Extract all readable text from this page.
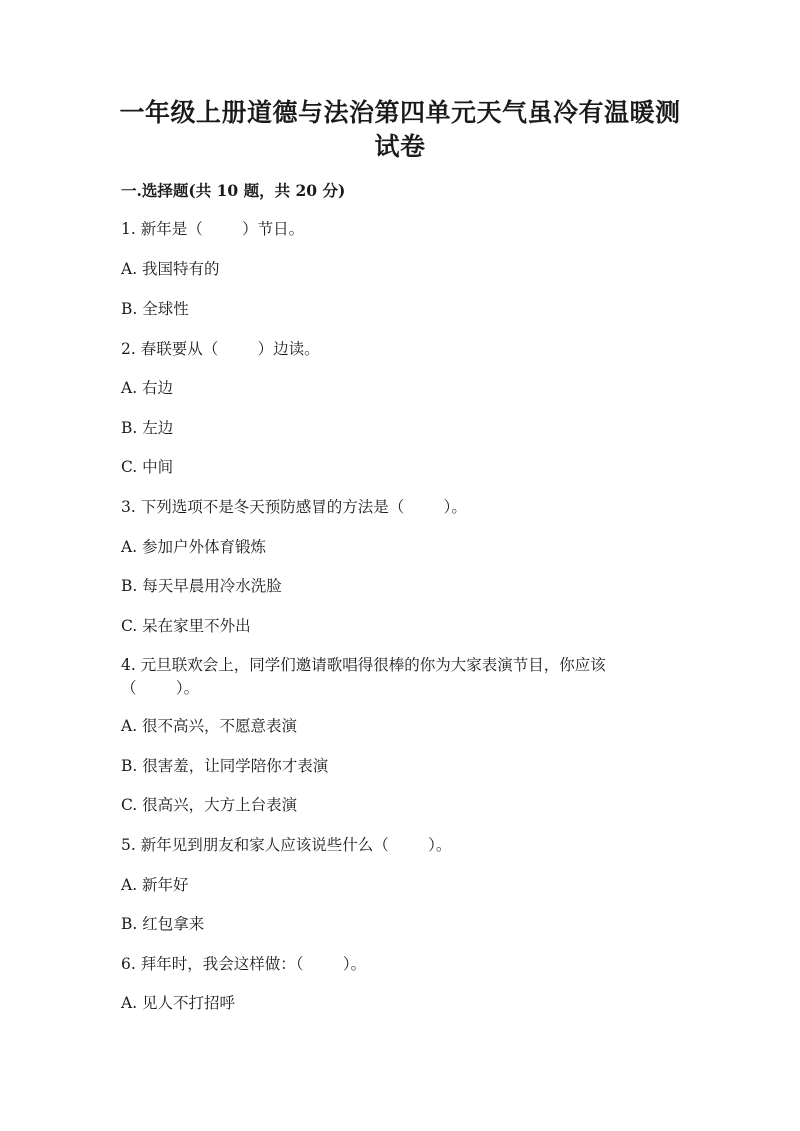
一年级上册道德与法治第四单元天气虽冷有温暖测
试卷
一.选择题(共 10 题，共 20 分)
1. 新年是（        ）节日。
A. 我国特有的
B. 全球性
2. 春联要从（        ）边读。
A. 右边
B. 左边
C. 中间
3. 下列选项不是冬天预防感冒的方法是（        ）。
A. 参加户外体育锻炼
B. 每天早晨用冷水洗脸
C. 呆在家里不外出
4. 元旦联欢会上，同学们邀请歌唱得很棒的你为大家表演节目，你应该
（        ）。
A. 很不高兴，不愿意表演
B. 很害羞，让同学陪你才表演
C. 很高兴，大方上台表演
5. 新年见到朋友和家人应该说些什么（        ）。
A. 新年好
B. 红包拿来
6. 拜年时，我会这样做：（        ）。
A. 见人不打招呼
